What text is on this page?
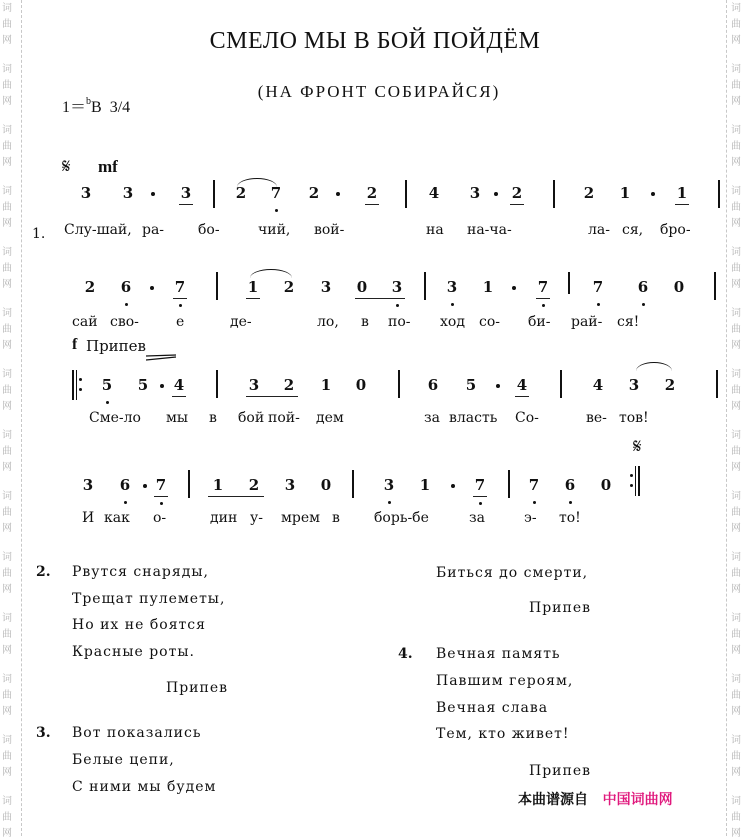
词
曲
网
词
曲
网
词
曲
网
词
曲
网
词
曲
网
词
曲
网
词
曲
网
词
曲
网
词
曲
网
词
曲
网
词
曲
网
词
曲
网
词
曲
网
词
曲
网
词
曲
网
词
曲
网
词
曲
网
词
曲
网
词
曲
网
词
曲
网
词
曲
网
词
曲
网
词
曲
网
词
曲
网
词
曲
网
词
曲
网
词
曲
网
词
曲
网
СМЕЛО МЫ В БОЙ ПОЙДЁМ
(НА ФРОНТ СОБИРАЙСЯ)
1＝$^b$B 3/4
𝄋 mf
3 3	3	2 7 2	2	4 3 2	2 1	1
1. Слу-шай, ра- бо-	чий, вой-	на на-ча-	ла- ся, бро-
2 6	7	1 2 3 0 3	3 1	7	7 6 0
сай сво-	е	де-	ло, в по- ход со- би- рай- ся!
5 5 4	3 2 1 0	6 5	4	4 3 2
Сме-ло мы в бой пой- дем	за власть Со-	ве- тов!
3 6 7	1 2 3 0	3 1	7	7 6 0
И как о-	дин у- мрем в борь-бе	за	э- то!
f Припев
𝄋
2. Рвутся снаряды,
Трещат пулеметы,
Но их не боятся
Красные роты.
Припев
3. Вот показались
Белые цепи,
С ними мы будем
Биться до смерти,
Припев
4. Вечная память
Павшим героям,
Вечная слава
Тем, кто живет!
Припев
本曲谱源自 中国词曲网
